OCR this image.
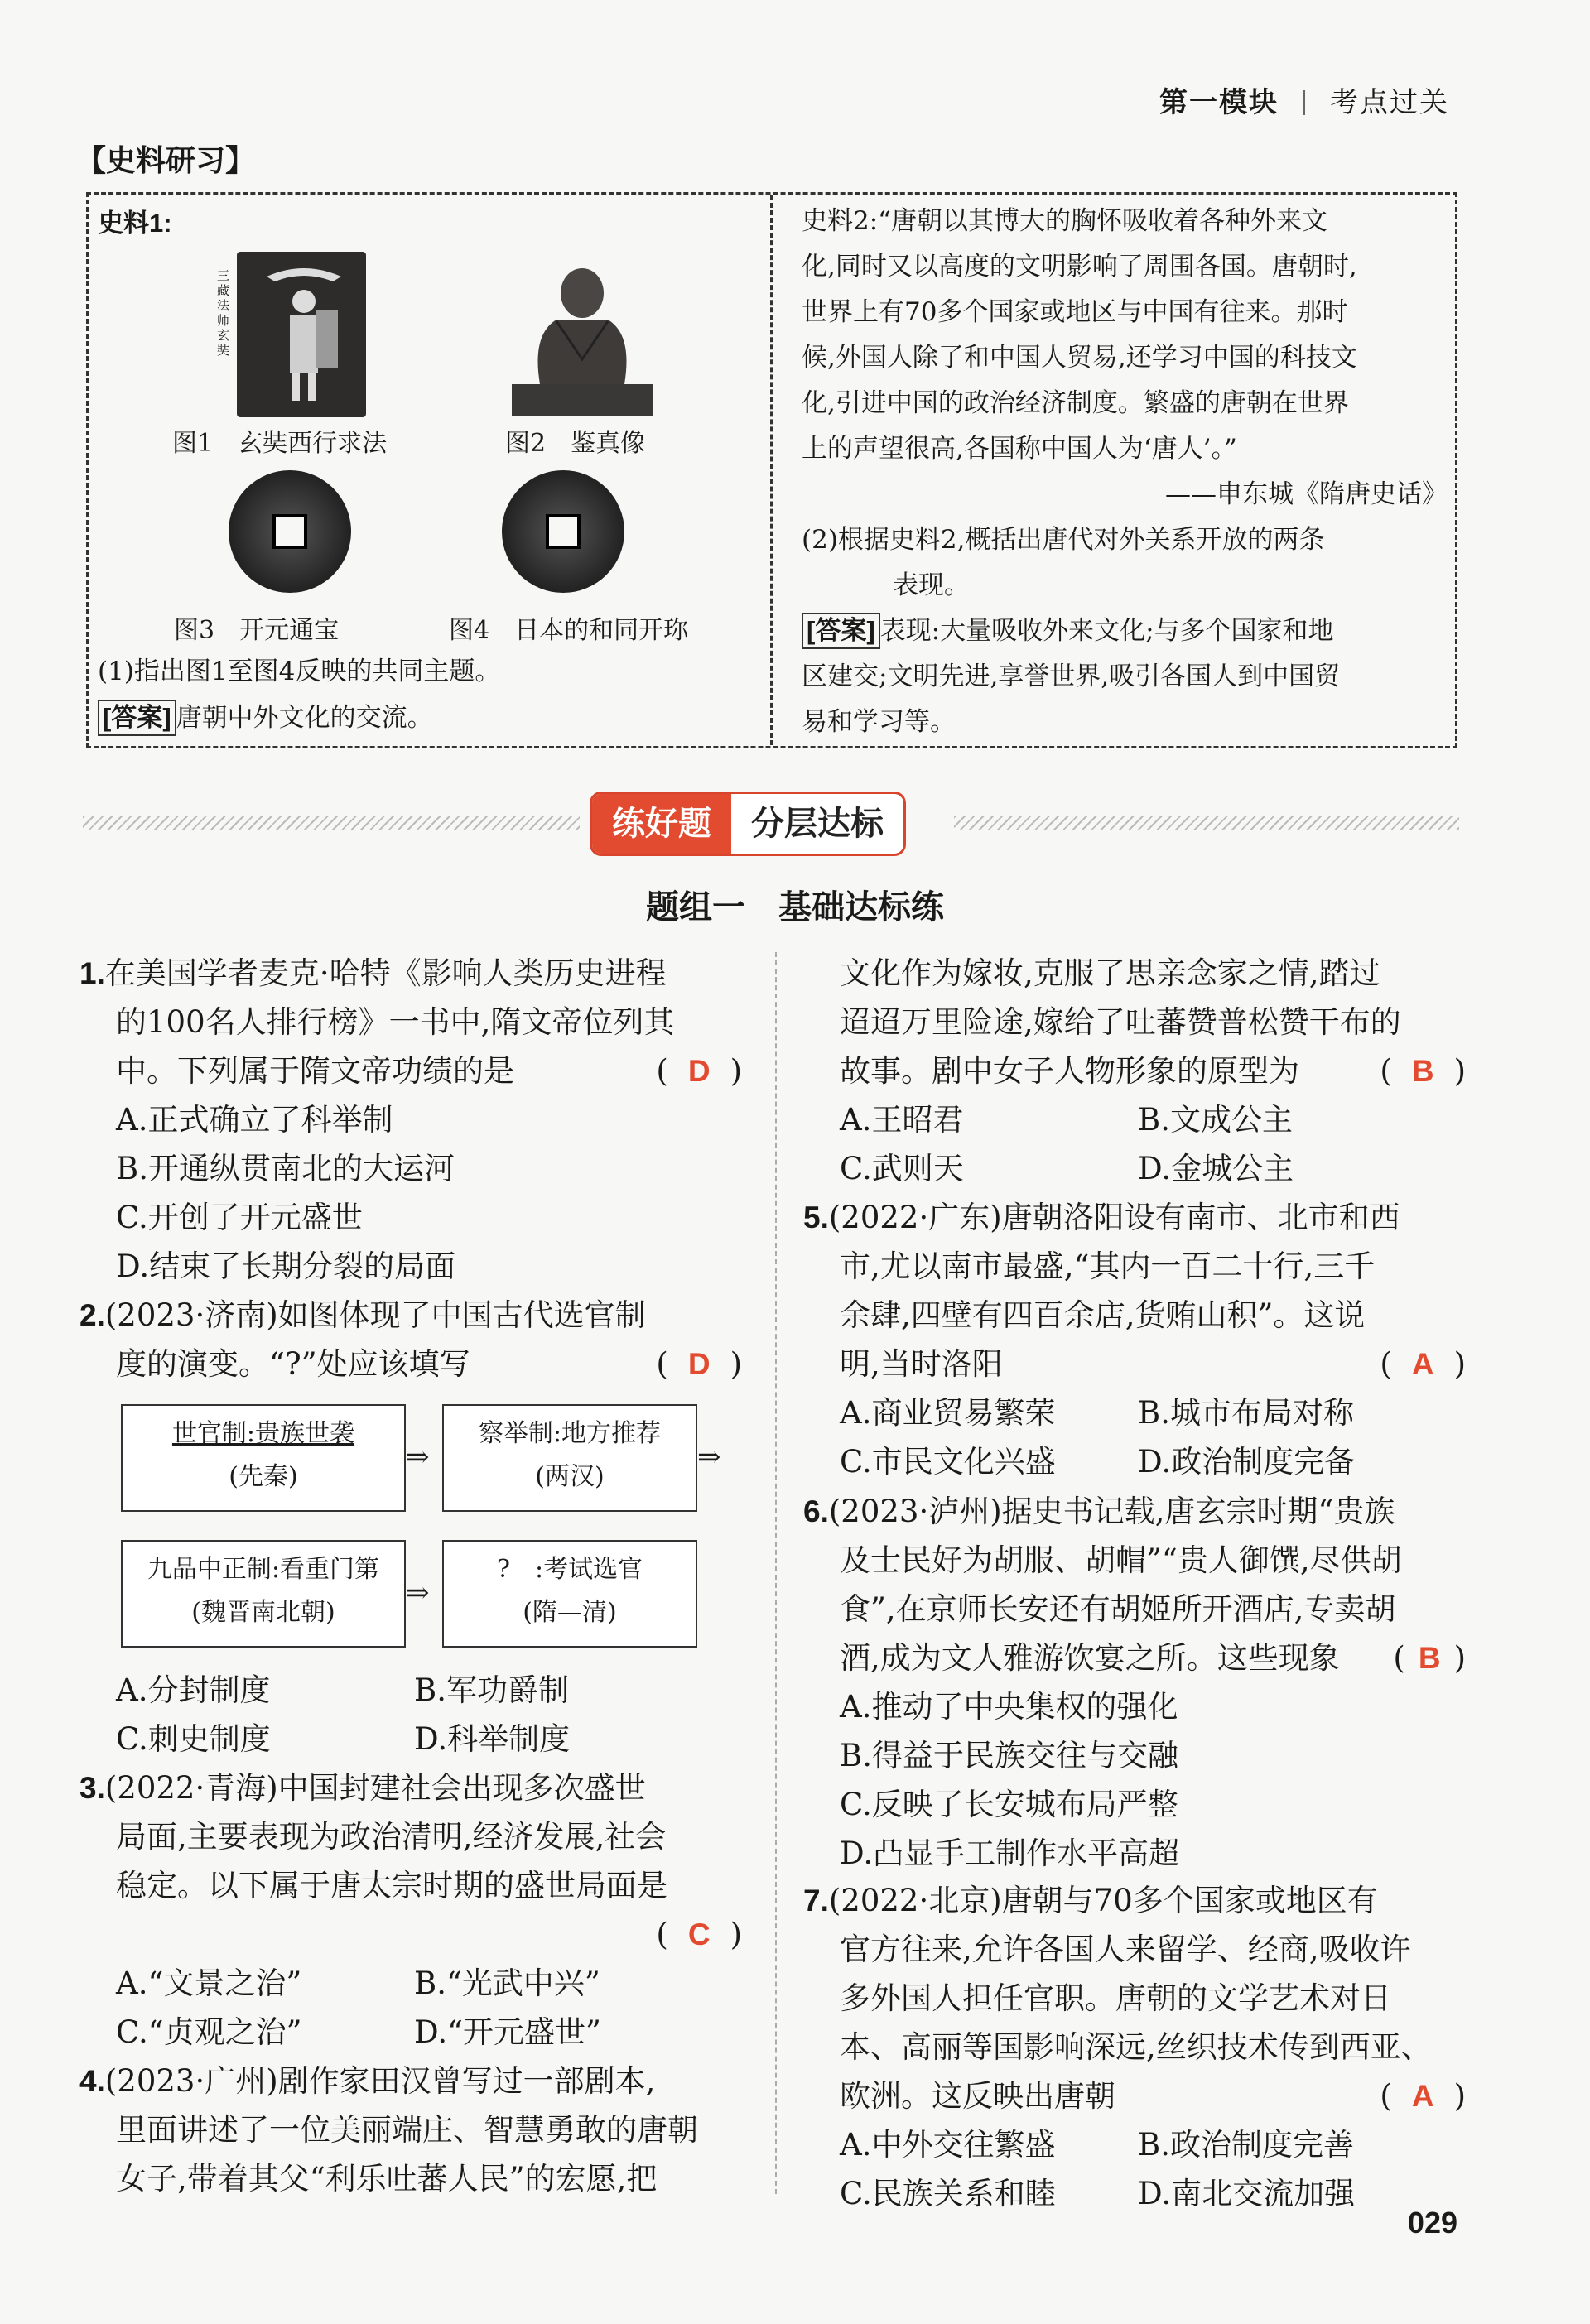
第一模块 考点过关
【史料研习】
史料1:
三藏法师玄奘
图1　玄奘西行求法	图2　鉴真像
图3　开元通宝	图4　日本的和同开珎
(1)指出图1至图4反映的共同主题。
[答案] 唐朝中外文化的交流。
史料2:“唐朝以其博大的胸怀吸收着各种外来文
化,同时又以高度的文明影响了周围各国。唐朝时,
世界上有70多个国家或地区与中国有往来。那时
候,外国人除了和中国人贸易,还学习中国的科技文
化,引进中国的政治经济制度。繁盛的唐朝在世界
上的声望很高,各国称中国人为‘唐人’。”
——申东城《隋唐史话》
(2)根据史料2,概括出唐代对外关系开放的两条
表现。
[答案] 表现:大量吸收外来文化;与多个国家和地
区建交;文明先进,享誉世界,吸引各国人到中国贸
易和学习等。
练好题	分层达标
题组一　基础达标练
1.在美国学者麦克·哈特《影响人类历史进程
的100名人排行榜》一书中,隋文帝位列其
中。下列属于隋文帝功绩的是	( D )
A.正式确立了科举制
B.开通纵贯南北的大运河
C.开创了开元盛世
D.结束了长期分裂的局面
2.(2023·济南)如图体现了中国古代选官制
度的演变。“?”处应该填写	( D )
世官制:贵族世袭
(先秦)
⇒
察举制:地方推荐
(两汉)
⇒
九品中正制:看重门第
(魏晋南北朝)
⇒
?　:考试选官
(隋—清)
A.分封制度	B.军功爵制
C.刺史制度	D.科举制度
3.(2022·青海)中国封建社会出现多次盛世
局面,主要表现为政治清明,经济发展,社会
稳定。以下属于唐太宗时期的盛世局面是
( C )
A.“文景之治”	B.“光武中兴”
C.“贞观之治”	D.“开元盛世”
4.(2023·广州)剧作家田汉曾写过一部剧本,
里面讲述了一位美丽端庄、智慧勇敢的唐朝
女子,带着其父“利乐吐蕃人民”的宏愿,把
文化作为嫁妆,克服了思亲念家之情,踏过
迢迢万里险途,嫁给了吐蕃赞普松赞干布的
故事。剧中女子人物形象的原型为	( B )
A.王昭君	B.文成公主
C.武则天	D.金城公主
5.(2022·广东)唐朝洛阳设有南市、北市和西
市,尤以南市最盛,“其内一百二十行,三千
余肆,四壁有四百余店,货贿山积”。这说
明,当时洛阳	( A )
A.商业贸易繁荣	B.城市布局对称
C.市民文化兴盛	D.政治制度完备
6.(2023·泸州)据史书记载,唐玄宗时期“贵族
及士民好为胡服、胡帽”“贵人御馔,尽供胡
食”,在京师长安还有胡姬所开酒店,专卖胡
酒,成为文人雅游饮宴之所。这些现象 ( B )
A.推动了中央集权的强化
B.得益于民族交往与交融
C.反映了长安城布局严整
D.凸显手工制作水平高超
7.(2022·北京)唐朝与70多个国家或地区有
官方往来,允许各国人来留学、经商,吸收许
多外国人担任官职。唐朝的文学艺术对日
本、高丽等国影响深远,丝织技术传到西亚、
欧洲。这反映出唐朝	( A )
A.中外交往繁盛	B.政治制度完善
C.民族关系和睦	D.南北交流加强
029
